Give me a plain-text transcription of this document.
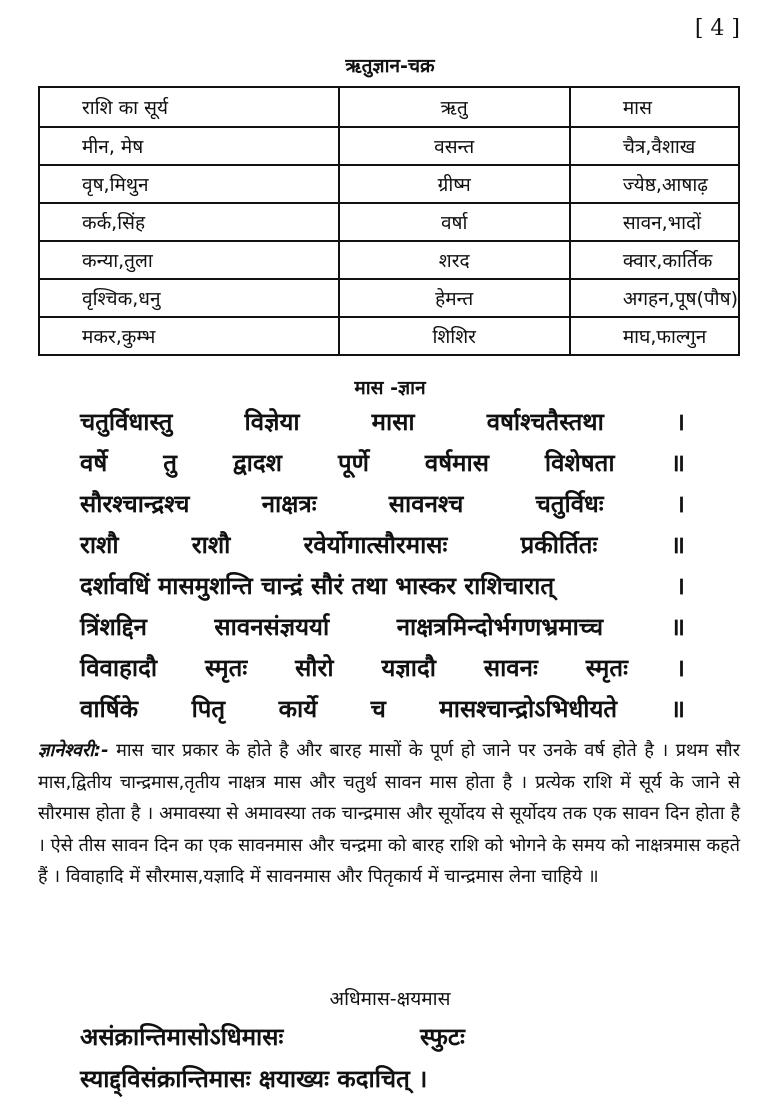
[ 4 ]
ऋतुज्ञान-चक्र
राशि का सूर्य	ऋतु	मास
मीन, मेष	वसन्त	चैत्र,वैशाख
वृष,मिथुन	ग्रीष्म	ज्येष्ठ,आषाढ़
कर्क,सिंह	वर्षा	सावन,भादों
कन्या,तुला	शरद	क्वार,कार्तिक
वृश्चिक,धनु	हेमन्त	अगहन,पूष(पौष)
मकर,कुम्भ	शिशिर	माघ,फाल्गुन
मास -ज्ञान
चतुर्विधास्तु	विज्ञेया	मासा	वर्षाश्चतैस्तथा	।
वर्षे तु द्वादश पूर्णे वर्षमास विशेषता ॥
सौरश्चान्द्रश्च	नाक्षत्रः	सावनश्च	चतुर्विधः	।
राशौ	राशौ	रवेर्योगात्सौरमासः	प्रकीर्तितः	॥
दर्शावधिं मासमुशन्ति चान्द्रं सौरं तथा भास्कर राशिचारात्	।
त्रिंशद्दिन	सावनसंज्ञयर्या	नाक्षत्रमिन्दोर्भगणभ्रमाच्च	॥
विवाहादौ स्मृतः सौरो यज्ञादौ सावनः स्मृतः ।
वार्षिके पितृ कार्ये च मासश्चान्द्रोऽभिधीयते ॥
ज्ञानेश्वरी:- मास चार प्रकार के होते है और बारह मासों के पूर्ण हो जाने पर उनके वर्ष होते है । प्रथम सौर मास,द्वितीय चान्द्रमास,तृतीय नाक्षत्र मास और चतुर्थ सावन मास होता है । प्रत्येक राशि में सूर्य के जाने से सौरमास होता है । अमावस्या से अमावस्या तक चान्द्रमास और सूर्योदय से सूर्योदय तक एक सावन दिन होता है । ऐसे तीस सावन दिन का एक सावनमास और चन्द्रमा को बारह राशि को भोगने के समय को नाक्षत्रमास कहते हैं । विवाहादि में सौरमास,यज्ञादि में सावनमास और पितृकार्य में चान्द्रमास लेना चाहिये ॥
अधिमास-क्षयमास
असंक्रान्तिमासोऽधिमासः	स्फुटः
स्याद्द्विसंक्रान्तिमासः क्षयाख्यः कदाचित् ।
